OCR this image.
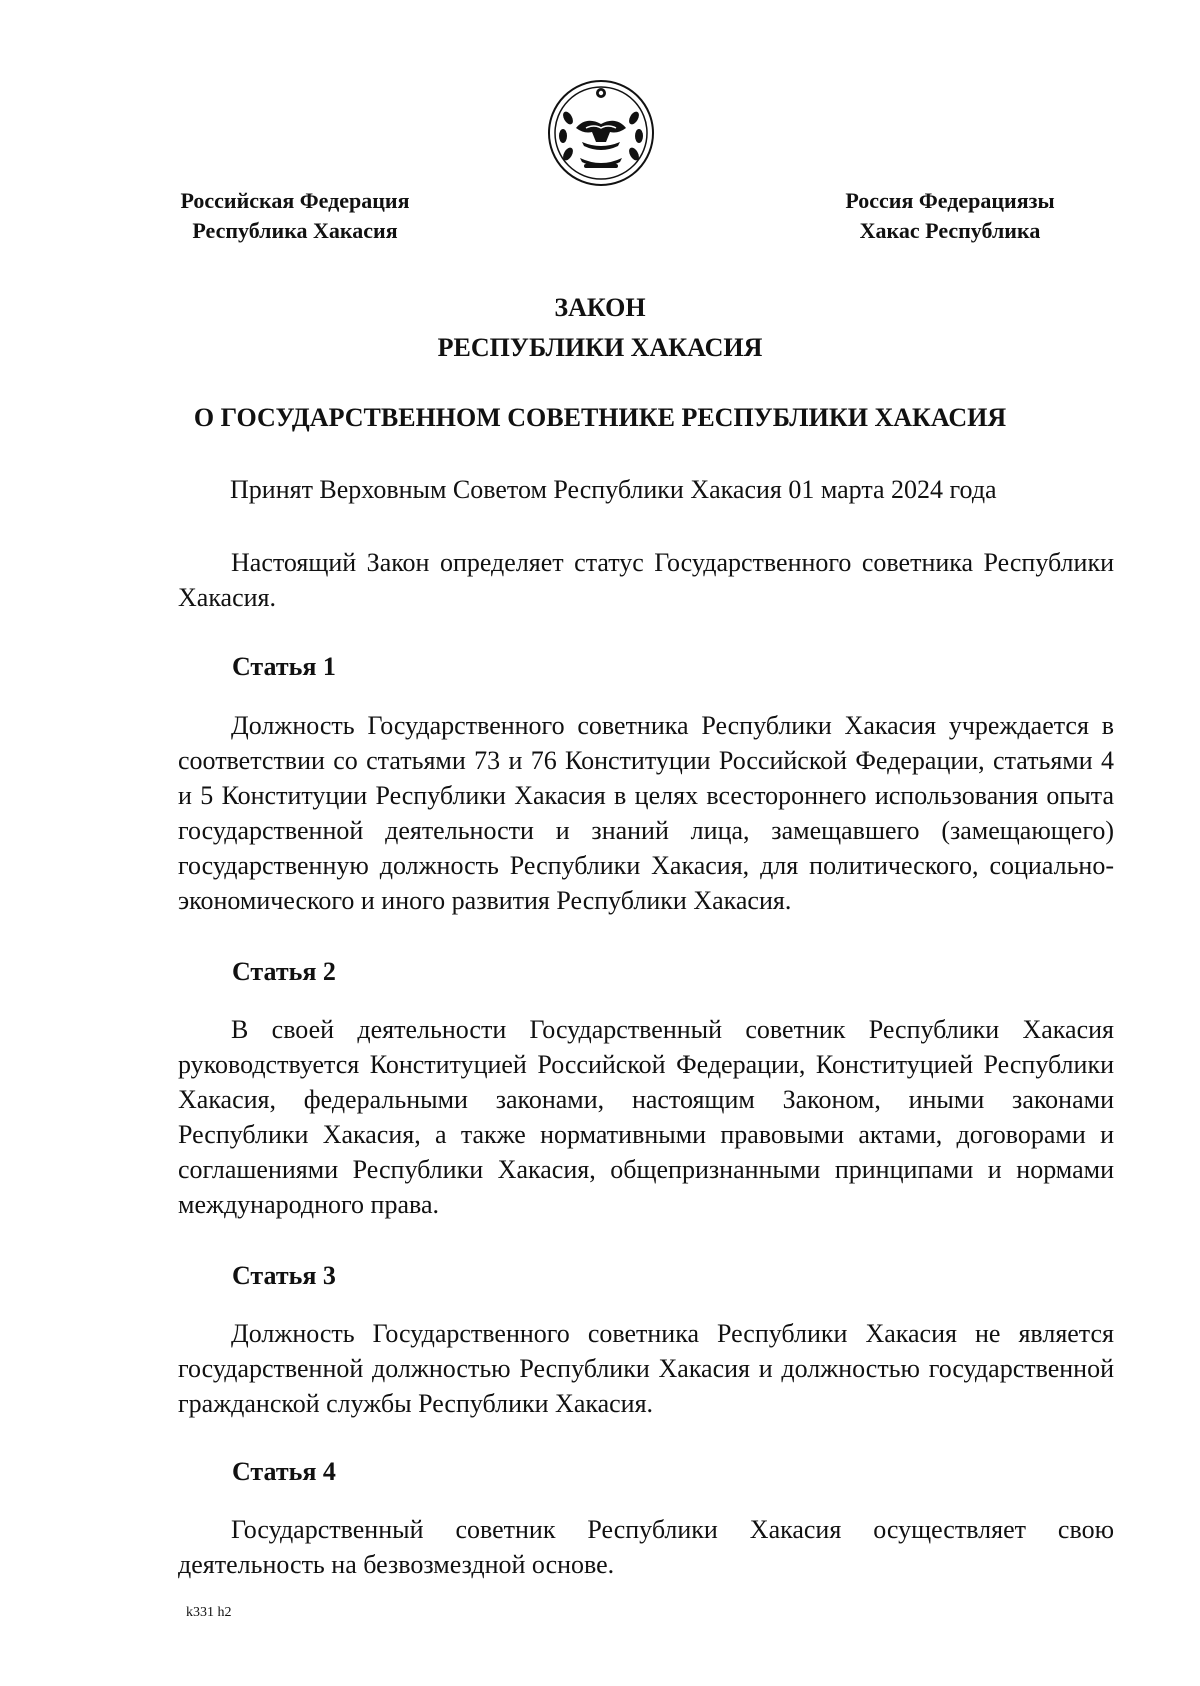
Российская Федерация
Республика Хакасия
Россия Федерациязы
Хакас Республика
ЗАКОН
РЕСПУБЛИКИ ХАКАСИЯ
О ГОСУДАРСТВЕННОМ СОВЕТНИКЕ РЕСПУБЛИКИ ХАКАСИЯ
Принят Верховным Советом Республики Хакасия 01 марта 2024 года
Настоящий Закон определяет статус Государственного советника Республики Хакасия.
Статья 1
Должность Государственного советника Республики Хакасия учреждается в соответствии со статьями 73 и 76 Конституции Российской Федерации, статьями 4 и 5 Конституции Республики Хакасия в целях всестороннего использования опыта государственной деятельности и знаний лица, замещавшего (замещающего) государственную должность Республики Хакасия, для политического, социально-экономического и иного развития Республики Хакасия.
Статья 2
В своей деятельности Государственный советник Республики Хакасия руководствуется Конституцией Российской Федерации, Конституцией Республики Хакасия, федеральными законами, настоящим Законом, иными законами Республики Хакасия, а также нормативными правовыми актами, договорами и соглашениями Республики Хакасия, общепризнанными принципами и нормами международного права.
Статья 3
Должность Государственного советника Республики Хакасия не является государственной должностью Республики Хакасия и должностью государственной гражданской службы Республики Хакасия.
Статья 4
Государственный советник Республики Хакасия осуществляет свою деятельность на безвозмездной основе.
k331 h2
